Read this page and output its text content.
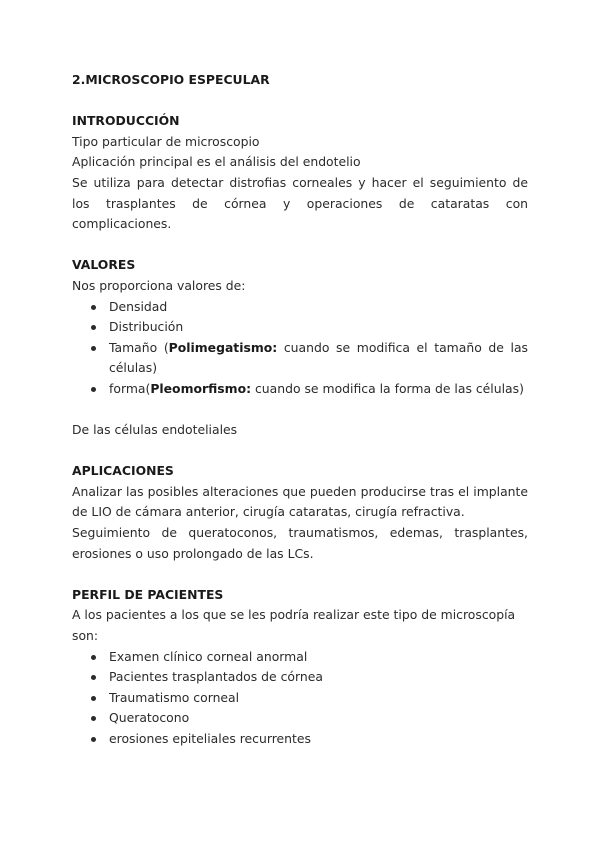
2.MICROSCOPIO ESPECULAR

INTRODUCCIÓN

Tipo particular de microscopio

Aplicación principal es el análisis del endotelio

Se utiliza para detectar distrofias corneales y hacer el seguimiento de los trasplantes de córnea y operaciones de cataratas con complicaciones.

VALORES

Nos proporciona valores de:

Densidad
Distribución
Tamaño (Polimegatismo: cuando se modifica el tamaño de las células)
forma(Pleomorfismo: cuando se modifica la forma de las células)

De las células endoteliales

APLICACIONES

Analizar las posibles alteraciones que pueden producirse tras el implante de LIO de cámara anterior, cirugía cataratas, cirugía refractiva.

Seguimiento de queratoconos, traumatismos, edemas, trasplantes, erosiones o uso prolongado de las LCs.

PERFIL DE PACIENTES

A los pacientes a los que se les podría realizar este tipo de microscopía son:

Examen clínico corneal anormal
Pacientes trasplantados de córnea
Traumatismo corneal
Queratocono
erosiones epiteliales recurrentes
